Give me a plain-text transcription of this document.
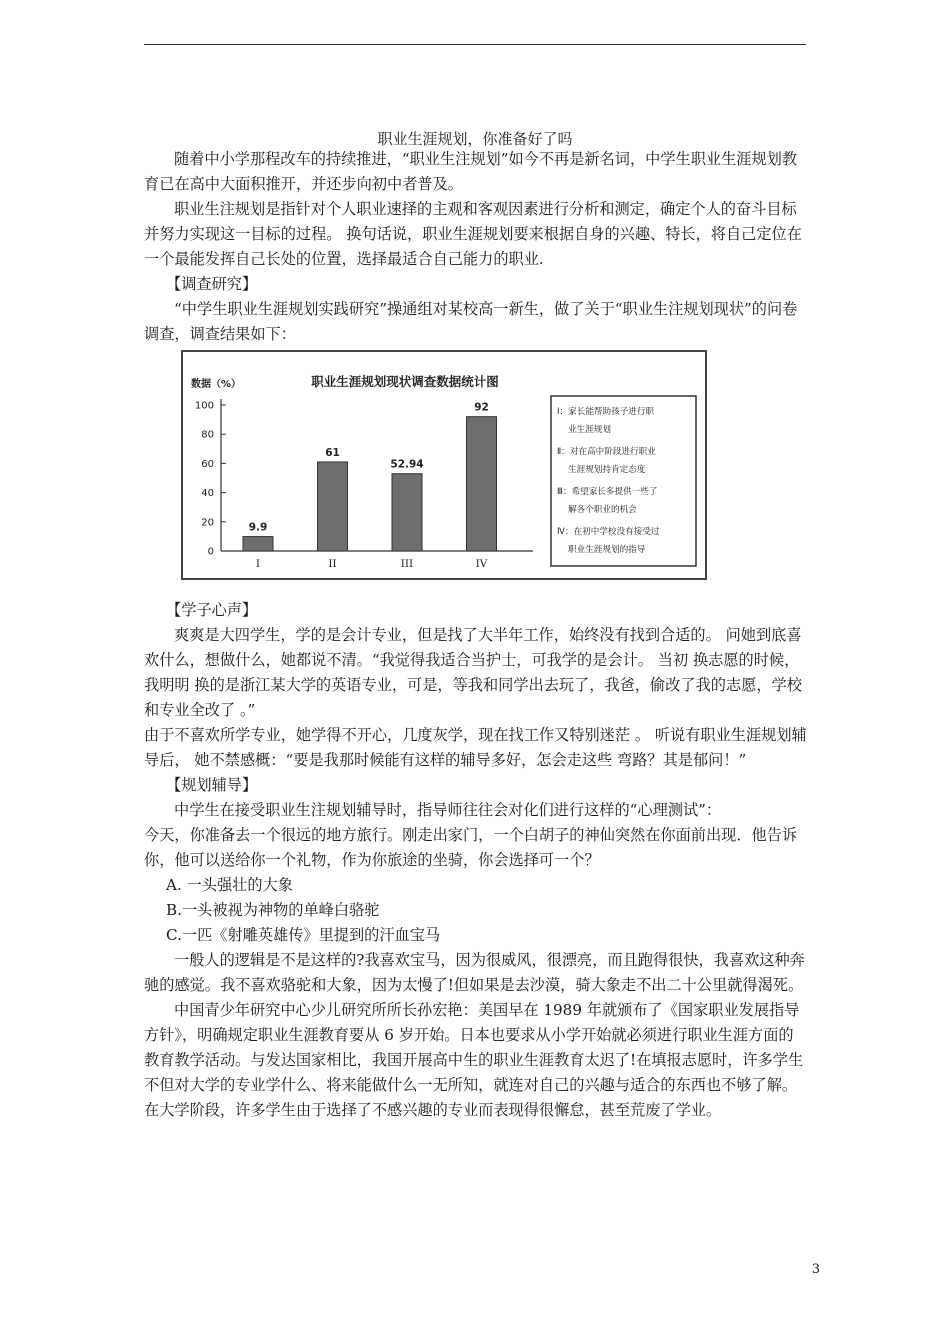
职业生涯规划，你准备好了吗

随着中小学那程改车的持续推进，“职业生注规划”如今不再是新名词，中学生职业生涯规划教育已在高中大面积推开，并还步向初中者普及。

职业生注规划是指针对个人职业速择的主观和客观因素进行分析和测定，确定个人的奋斗目标并努力实现这一目标的过程。 换句话说，职业生涯规划要来根据自身的兴趣、特长，将自己定位在一个最能发挥自己长处的位置，选择最适合自己能力的职业.

【调查研究】

“中学生职业生涯规划实践研究”操通组对某校高一新生，做了关于“职业生注规划现状”的问卷调查，调查结果如下：

数据（%）	职业生涯规划现状调查数据统计图
0
20
40
60
80
100
9.9
I
61
II
52.94
III
92
IV
Ⅰ：家长能帮助孩子进行职
业生涯规划
Ⅱ：对在高中阶段进行职业
生涯规划持肯定态度
Ⅲ：希望家长多提供一些了
解各个职业的机会
Ⅳ：在初中学校没有接受过
职业生涯规划的指导

【学子心声】

爽爽是大四学生，学的是会计专业，但是找了大半年工作，始终没有找到合适的。 问她到底喜欢什么，想做什么，她都说不清。“我觉得我适合当护士，可我学的是会计。 当初 换志愿的时候，我明明 换的是浙江某大学的英语专业，可是，等我和同学出去玩了，我爸，偷改了我的志愿，学校和专业全改了 。”

由于不喜欢所学专业，她学得不开心，几度灰学，现在找工作又特别迷茫 。 听说有职业生涯规划辅导后， 她不禁感概：“要是我那时候能有这样的辅导多好，怎会走这些 弯路？其是郁问！”

【规划辅导】

中学生在接受职业生注规划辅导时，指导师往往会对化们进行这样的“心理测试”：

今天，你准备去一个很远的地方旅行。刚走出家门，一个白胡子的神仙突然在你面前出现．他告诉你，他可以送给你一个礼物，作为你旅途的坐骑，你会选择可一个？

A. 一头强壮的大象

B.一头被视为神物的单峰白骆驼

C.一匹《射雕英雄传》里提到的汗血宝马

一般人的逻辑是不是这样的?我喜欢宝马，因为很威风，很漂亮，而且跑得很快，我喜欢这种奔驰的感觉。我不喜欢骆驼和大象，因为太慢了!但如果是去沙漠，骑大象走不出二十公里就得渴死。

中国青少年研究中心少儿研究所所长孙宏艳：美国早在 1989 年就颁布了《国家职业发展指导方针》，明确规定职业生涯教育要从 6 岁开始。日本也要求从小学开始就必须进行职业生涯方面的教育教学活动。与发达国家相比，我国开展高中生的职业生涯教育太迟了!在填报志愿时，许多学生不但对大学的专业学什么、将来能做什么一无所知，就连对自己的兴趣与适合的东西也不够了解。在大学阶段，许多学生由于选择了不感兴趣的专业而表现得很懈怠，甚至荒废了学业。

3
